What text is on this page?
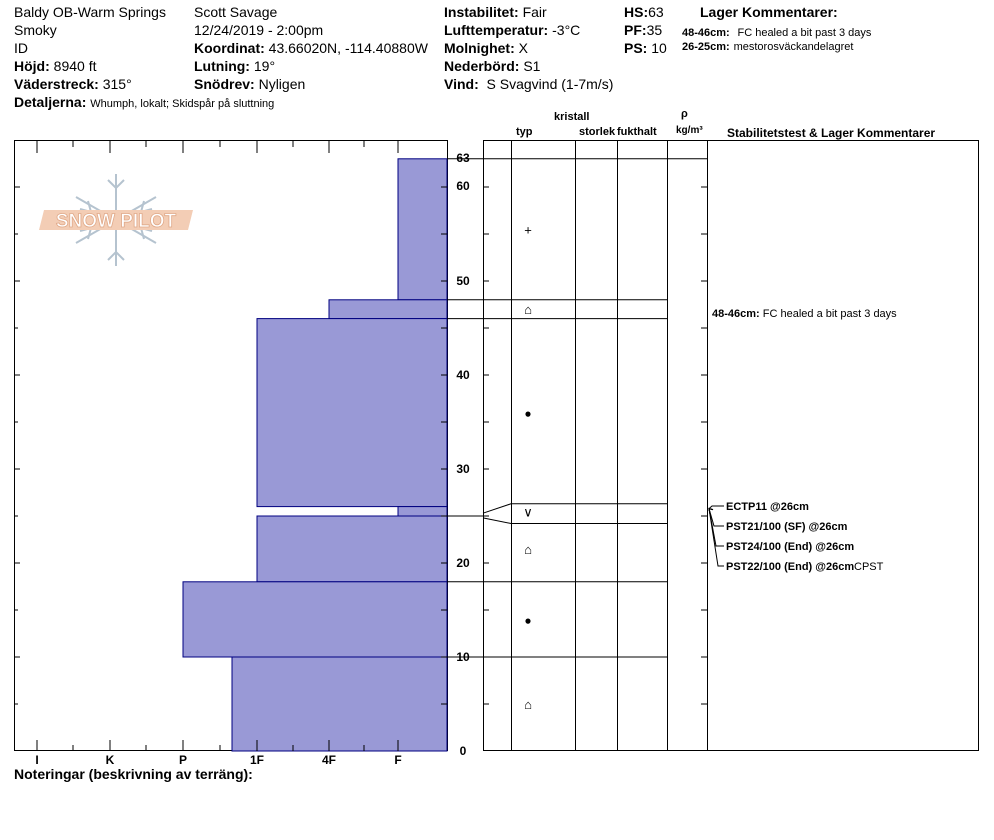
Baldy OB-Warm Springs
Smoky
ID
Höjd: 8940 ft
Väderstreck: 315°
Detaljerna: Whumph, lokalt; Skidspår på sluttning
Scott Savage
12/24/2019 - 2:00pm
Koordinat: 43.66020N, -114.40880W
Lutning: 19°
Snödrev: Nyligen
Instabilitet: Fair
Lufttemperatur: -3°C
Molnighet: X
Nederbörd: S1
Vind: S Svagvind (1-7m/s)
HS:63
PF:35
PS: 10
Lager Kommentarer:
48-46cm: FC healed a bit past 3 days
26-25cm: mestorosväckandelagret
kristall
typ	storlek fukthalt
ρ
kg/m³ Stabilitetstest & Lager Kommentarer
Noteringar (beskrivning av terräng):
SNOW PILOT
I	K	P	1F	4F	F
0
10
20
30
40
50
60
63
+
⌂
●
∨
⌂
●
⌂
48-46cm: FC healed a bit past 3 days
ECTP11 @26cm
PST21/100 (SF) @26cm
PST24/100 (End) @26cm
PST22/100 (End) @26cm CPST
